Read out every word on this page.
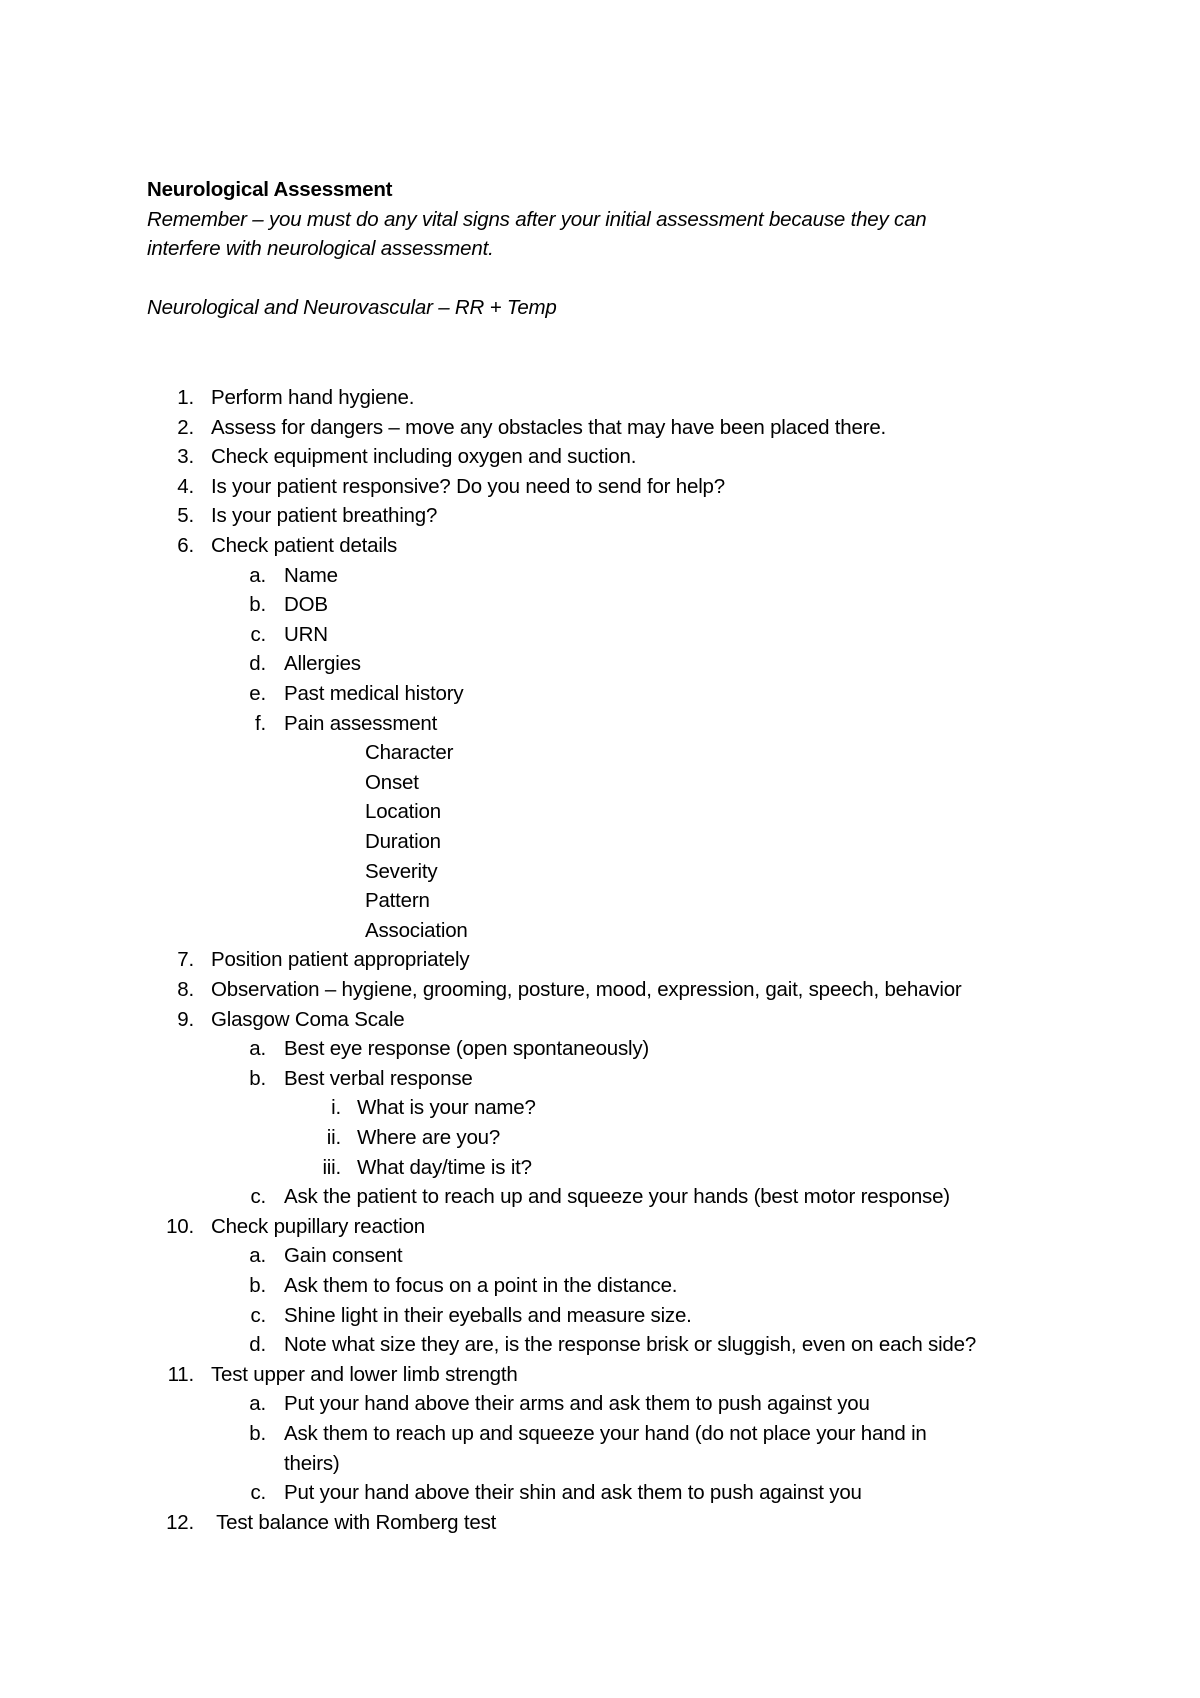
Neurological Assessment
Remember – you must do any vital signs after your initial assessment because they can
interfere with neurological assessment.
Neurological and Neurovascular – RR + Temp
1. Perform hand hygiene.
2. Assess for dangers – move any obstacles that may have been placed there.
3. Check equipment including oxygen and suction.
4. Is your patient responsive? Do you need to send for help?
5. Is your patient breathing?
6. Check patient details
a. Name
b. DOB
c. URN
d. Allergies
e. Past medical history
f. Pain assessment
Character
Onset
Location
Duration
Severity
Pattern
Association
7. Position patient appropriately
8. Observation – hygiene, grooming, posture, mood, expression, gait, speech, behavior
9. Glasgow Coma Scale
a. Best eye response (open spontaneously)
b. Best verbal response
i. What is your name?
ii. Where are you?
iii. What day/time is it?
c. Ask the patient to reach up and squeeze your hands (best motor response)
10. Check pupillary reaction
a. Gain consent
b. Ask them to focus on a point in the distance.
c. Shine light in their eyeballs and measure size.
d. Note what size they are, is the response brisk or sluggish, even on each side?
11. Test upper and lower limb strength
a. Put your hand above their arms and ask them to push against you
b. Ask them to reach up and squeeze your hand (do not place your hand in
theirs)
c. Put your hand above their shin and ask them to push against you
12. Test balance with Romberg test
